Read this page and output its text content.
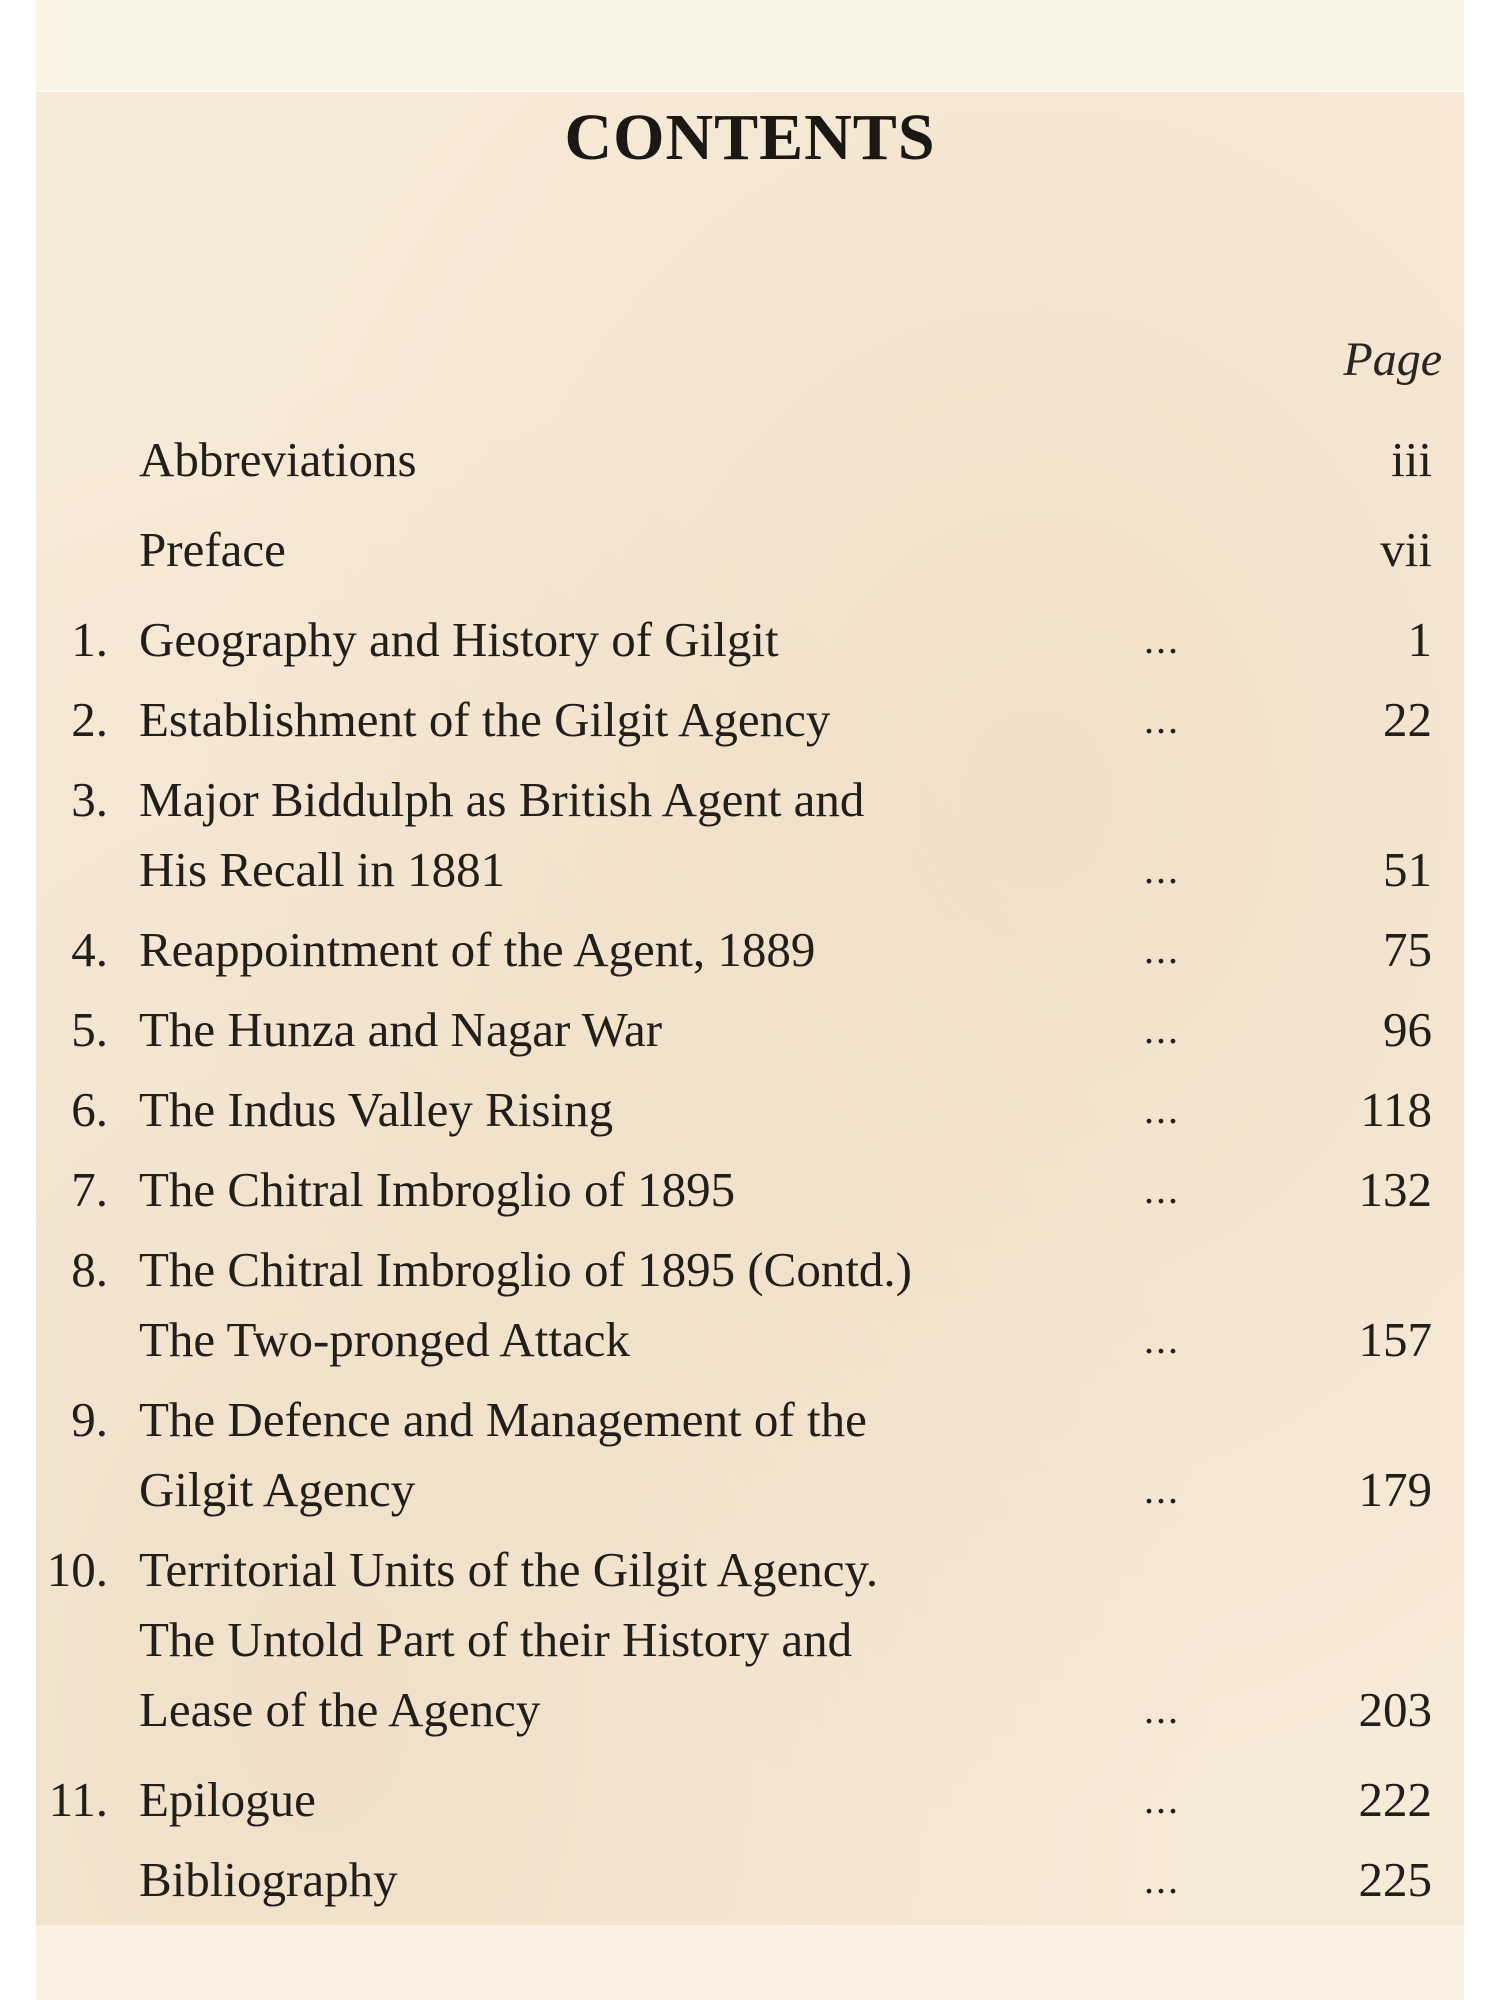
CONTENTS
Page
Abbreviations	iii
Preface	vii
1. Geography and History of Gilgit	...	1
2. Establishment of the Gilgit Agency	...	22
3. Major Biddulph as British Agent and
His Recall in 1881	...	51
4. Reappointment of the Agent, 1889	...	75
5. The Hunza and Nagar War	...	96
6. The Indus Valley Rising	...	118
7. The Chitral Imbroglio of 1895	...	132
8. The Chitral Imbroglio of 1895 (Contd.)
The Two-pronged Attack	...	157
9. The Defence and Management of the
Gilgit Agency	...	179
10. Territorial Units of the Gilgit Agency.
The Untold Part of their History and
Lease of the Agency	...	203
11. Epilogue	...	222
Bibliography	...	225
